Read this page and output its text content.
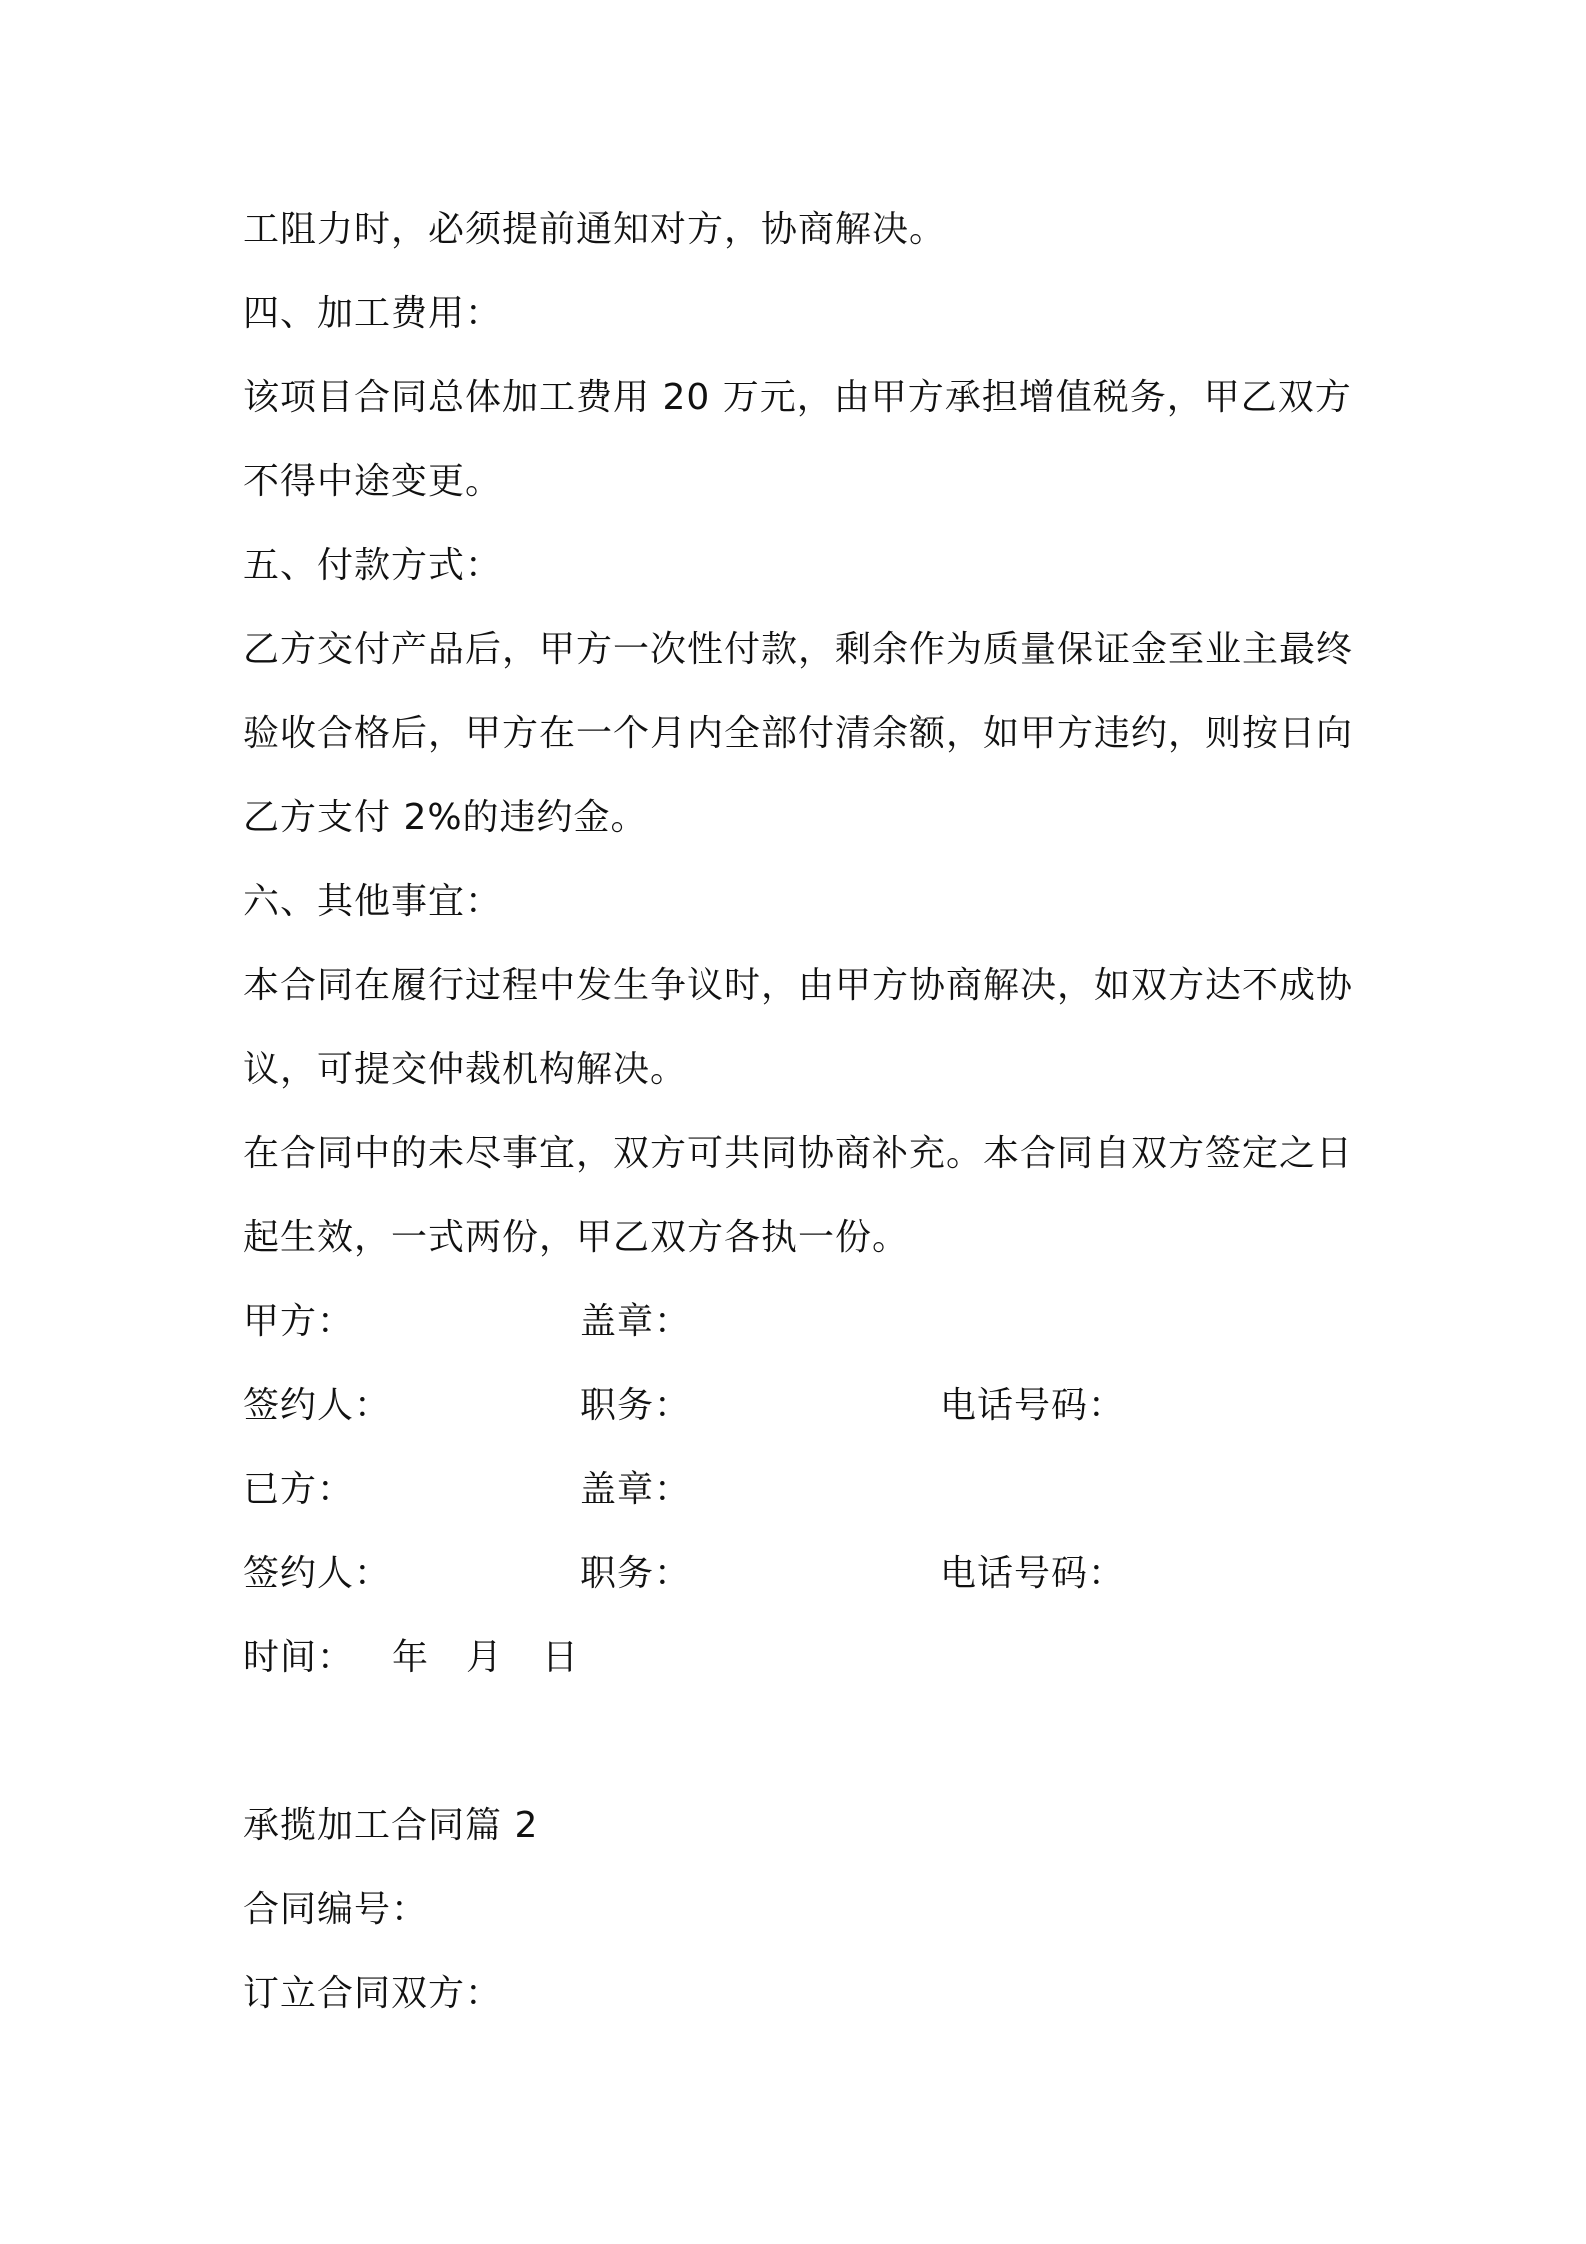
工阻力时，必须提前通知对方，协商解决。
四、加工费用：
该项目合同总体加工费用 20 万元，由甲方承担增值税务，甲乙双方
不得中途变更。
五、付款方式：
乙方交付产品后，甲方一次性付款，剩余作为质量保证金至业主最终
验收合格后，甲方在一个月内全部付清余额，如甲方违约，则按日向
乙方支付 2%的违约金。
六、其他事宜：
本合同在履行过程中发生争议时，由甲方协商解决，如双方达不成协
议，可提交仲裁机构解决。
在合同中的未尽事宜，双方可共同协商补充。本合同自双方签定之日
起生效，一式两份，甲乙双方各执一份。
甲方：	盖章：
签约人：	职务：	电话号码：
已方：	盖章：
签约人：	职务：	电话号码：
时间： 年 月 日
承揽加工合同篇 2
合同编号：
订立合同双方：
